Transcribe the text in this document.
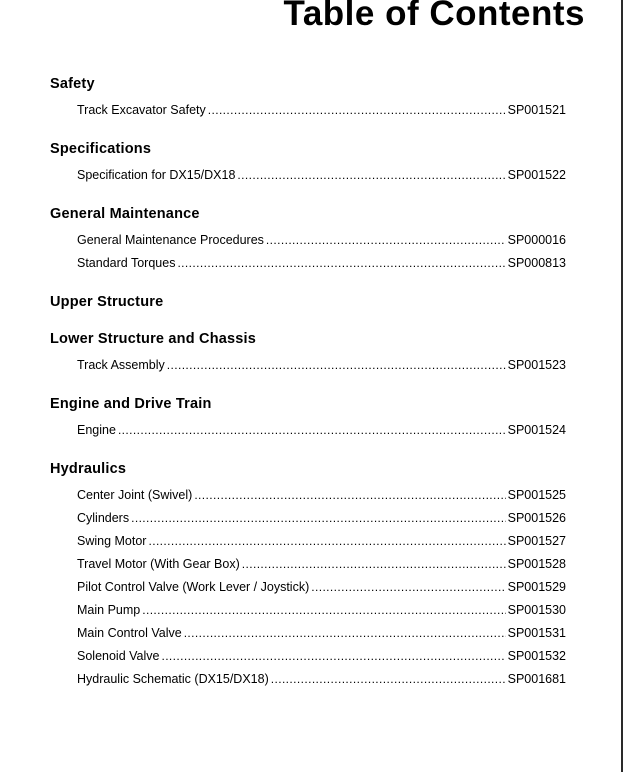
Table of Contents
Safety
Track Excavator Safety .....	SP001521
Specifications
Specification for DX15/DX18 .....	SP001522
General Maintenance
General Maintenance Procedures .....	SP000016
Standard Torques .....	SP000813
Upper Structure
Lower Structure and Chassis
Track Assembly .....	SP001523
Engine and Drive Train
Engine .....	SP001524
Hydraulics
Center Joint (Swivel) .....	SP001525
Cylinders .....	SP001526
Swing Motor .....	SP001527
Travel Motor (With Gear Box) .....	SP001528
Pilot Control Valve (Work Lever / Joystick) .....	SP001529
Main Pump .....	SP001530
Main Control Valve .....	SP001531
Solenoid Valve .....	SP001532
Hydraulic Schematic (DX15/DX18) .....	SP001681
